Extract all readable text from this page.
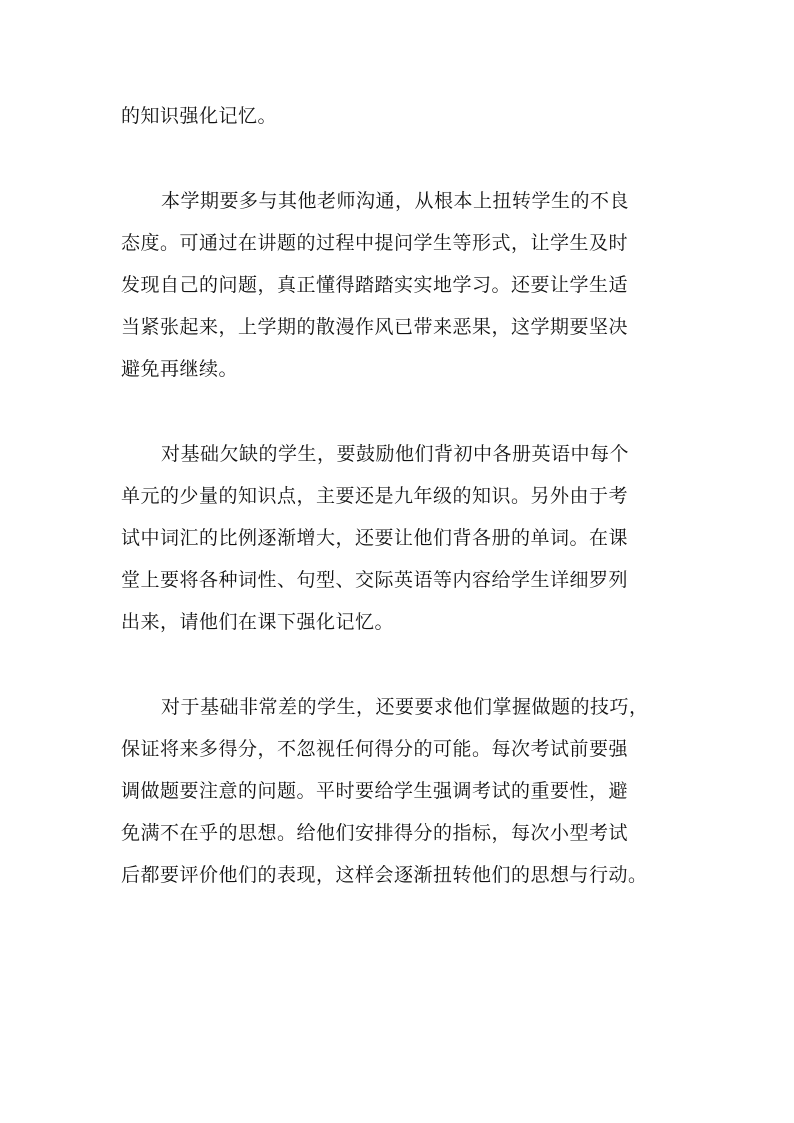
的知识强化记忆。
本学期要多与其他老师沟通，从根本上扭转学生的不良
态度。可通过在讲题的过程中提问学生等形式，让学生及时
发现自己的问题，真正懂得踏踏实实地学习。还要让学生适
当紧张起来，上学期的散漫作风已带来恶果，这学期要坚决
避免再继续。
对基础欠缺的学生，要鼓励他们背初中各册英语中每个
单元的少量的知识点，主要还是九年级的知识。另外由于考
试中词汇的比例逐渐增大，还要让他们背各册的单词。在课
堂上要将各种词性、句型、交际英语等内容给学生详细罗列
出来，请他们在课下强化记忆。
对于基础非常差的学生，还要要求他们掌握做题的技巧，
保证将来多得分，不忽视任何得分的可能。每次考试前要强
调做题要注意的问题。平时要给学生强调考试的重要性，避
免满不在乎的思想。给他们安排得分的指标，每次小型考试
后都要评价他们的表现，这样会逐渐扭转他们的思想与行动。
